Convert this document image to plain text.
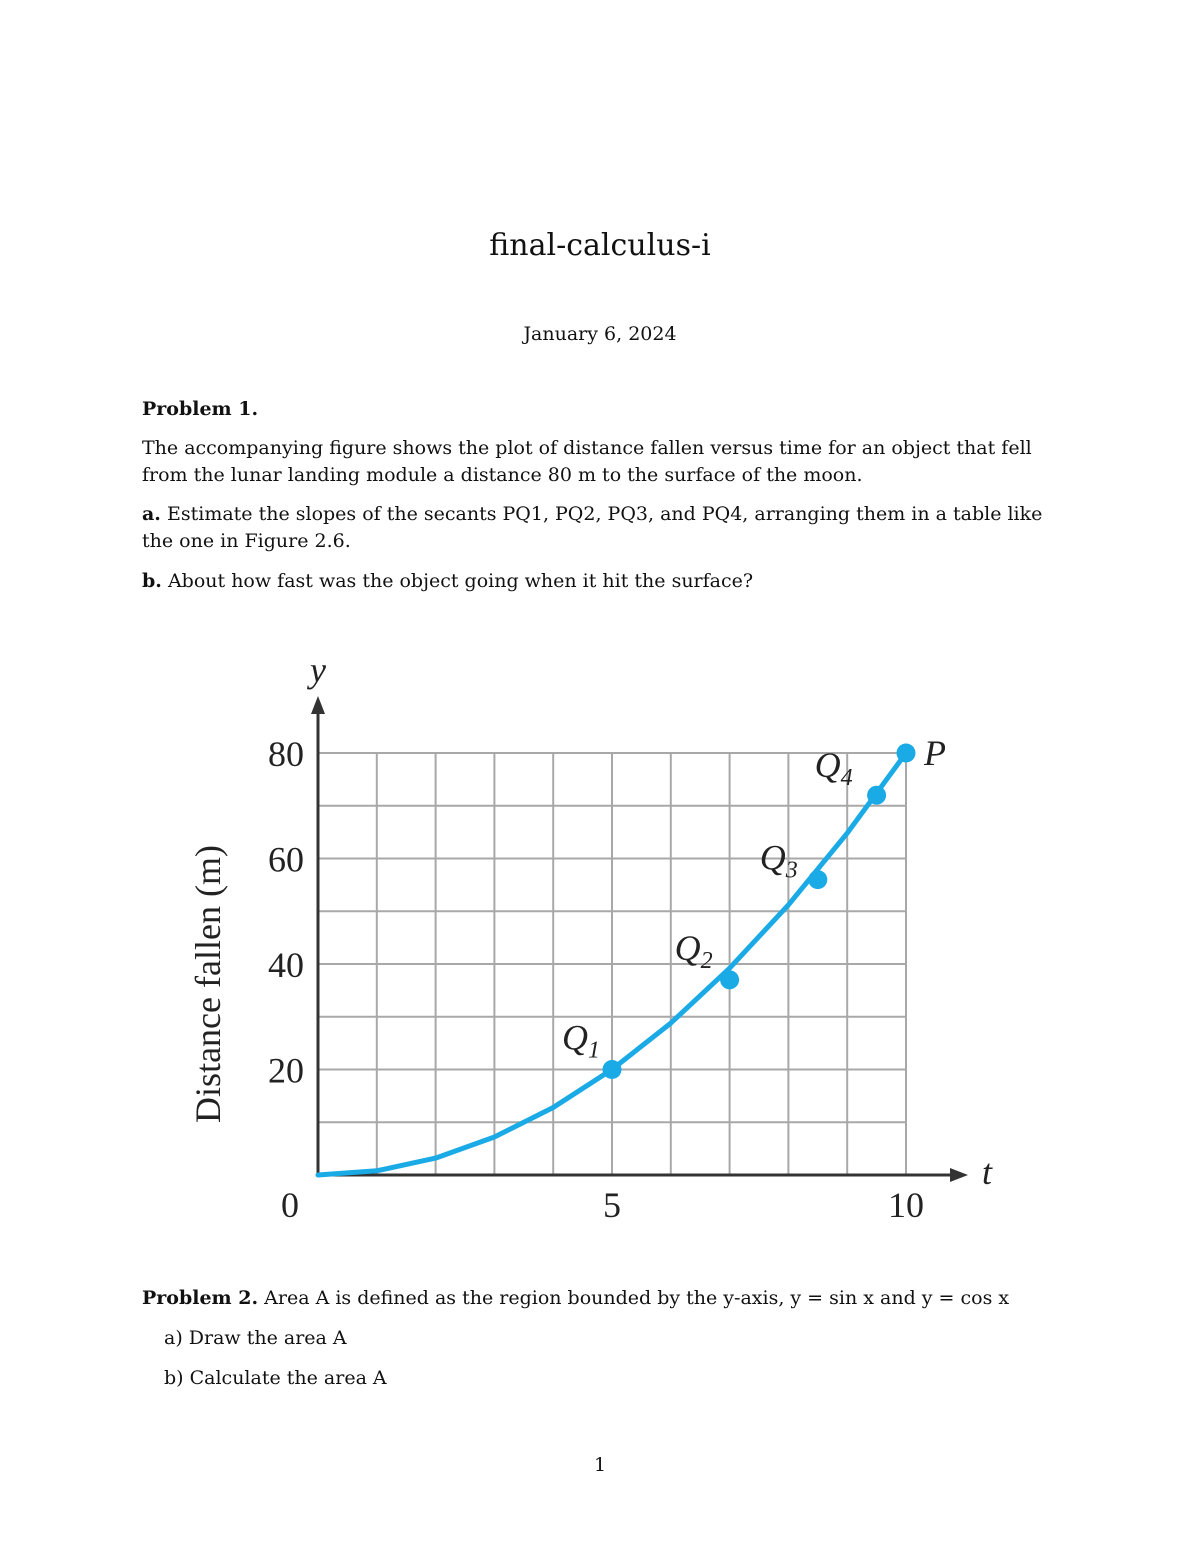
final-calculus-i
January 6, 2024
Problem 1.
The accompanying figure shows the plot of distance fallen versus time for an object that fell from the lunar landing module a distance 80 m to the surface of the moon.
a. Estimate the slopes of the secants PQ1, PQ2, PQ3, and PQ4, arranging them in a table like the one in Figure 2.6.
b. About how fast was the object going when it hit the surface?
0	5	10
20
40
60
80
t
y
Distance fallen (m)	$Q_1$
$Q_2$
$Q_3$
$Q_4$
P
Problem 2. Area A is defined as the region bounded by the y-axis, y = sin x and y = cos x
a) Draw the area A
b) Calculate the area A
1
